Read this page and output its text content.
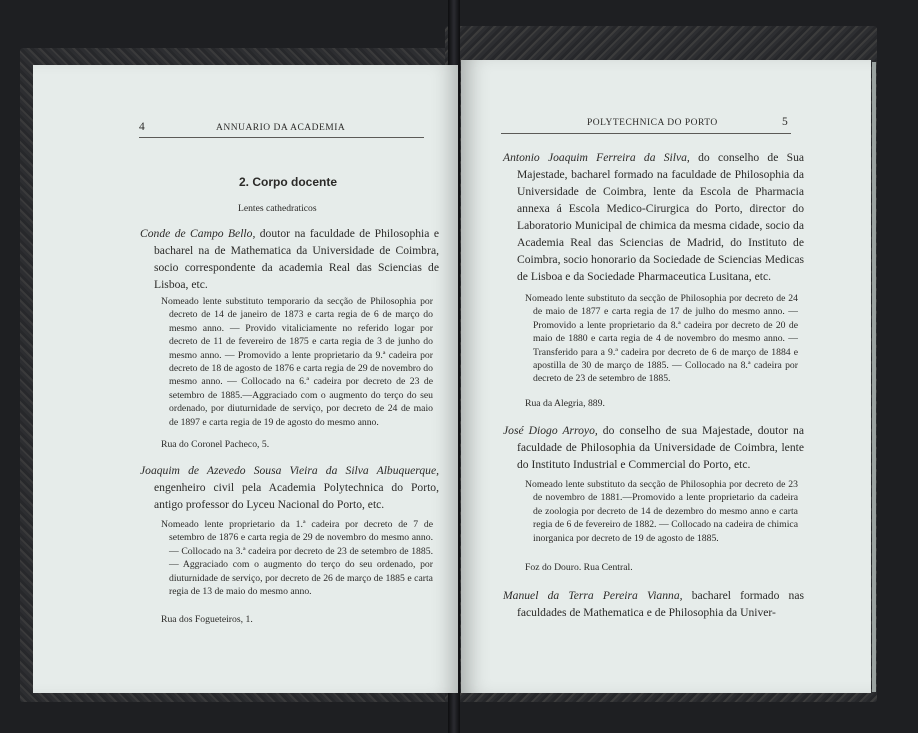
4	ANNUARIO DA ACADEMIA
2. Corpo docente
Lentes cathedraticos
Conde de Campo Bello, doutor na faculdade de Philosophia e bacharel na de Mathematica da Universidade de Coimbra, socio correspondente da academia Real das Sciencias de Lisboa, etc.
Nomeado lente substituto temporario da secção de Philosophia por decreto de 14 de janeiro de 1873 e carta regia de 6 de março do mesmo anno. — Provido vitaliciamente no referido logar por decreto de 11 de fevereiro de 1875 e carta regia de 3 de junho do mesmo anno. — Promovido a lente proprietario da 9.ª cadeira por decreto de 18 de agosto de 1876 e carta regia de 29 de novembro do mesmo anno. — Collocado na 6.ª cadeira por decreto de 23 de setembro de 1885.—Aggraciado com o augmento do terço do seu ordenado, por diuturnidade de serviço, por decreto de 24 de maio de 1897 e carta regia de 19 de agosto do mesmo anno.
Rua do Coronel Pacheco, 5.
Joaquim de Azevedo Sousa Vieira da Silva Albuquerque, engenheiro civil pela Academia Polytechnica do Porto, antigo professor do Lyceu Nacional do Porto, etc.
Nomeado lente proprietario da 1.ª cadeira por decreto de 7 de setembro de 1876 e carta regia de 29 de novembro do mesmo anno. — Collocado na 3.ª cadeira por decreto de 23 de setembro de 1885. — Aggraciado com o augmento do terço do seu ordenado, por diuturnidade de serviço, por decreto de 26 de março de 1885 e carta regia de 13 de maio do mesmo anno.
Rua dos Fogueteiros, 1.
POLYTECHNICA DO PORTO	5
Antonio Joaquim Ferreira da Silva, do conselho de Sua Majestade, bacharel formado na faculdade de Philosophia da Universidade de Coimbra, lente da Escola de Pharmacia annexa á Escola Medico-Cirurgica do Porto, director do Laboratorio Municipal de chimica da mesma cidade, socio da Academia Real das Sciencias de Madrid, do Instituto de Coimbra, socio honorario da Sociedade de Sciencias Medicas de Lisboa e da Sociedade Pharmaceutica Lusitana, etc.
Nomeado lente substituto da secção de Philosophia por decreto de 24 de maio de 1877 e carta regia de 17 de julho do mesmo anno. — Promovido a lente proprietario da 8.ª cadeira por decreto de 20 de maio de 1880 e carta regia de 4 de novembro do mesmo anno. — Transferido para a 9.ª cadeira por decreto de 6 de março de 1884 e apostilla de 30 de março de 1885. — Collocado na 8.ª cadeira por decreto de 23 de setembro de 1885.
Rua da Alegria, 889.
José Diogo Arroyo, do conselho de sua Majestade, doutor na faculdade de Philosophia da Universidade de Coimbra, lente do Instituto Industrial e Commercial do Porto, etc.
Nomeado lente substituto da secção de Philosophia por decreto de 23 de novembro de 1881.—Promovido a lente proprietario da cadeira de zoologia por decreto de 14 de dezembro do mesmo anno e carta regia de 6 de fevereiro de 1882. — Collocado na cadeira de chimica inorganica por decreto de 19 de agosto de 1885.
Foz do Douro. Rua Central.
Manuel da Terra Pereira Vianna, bacharel formado nas faculdades de Mathematica e de Philosophia da Univer-
